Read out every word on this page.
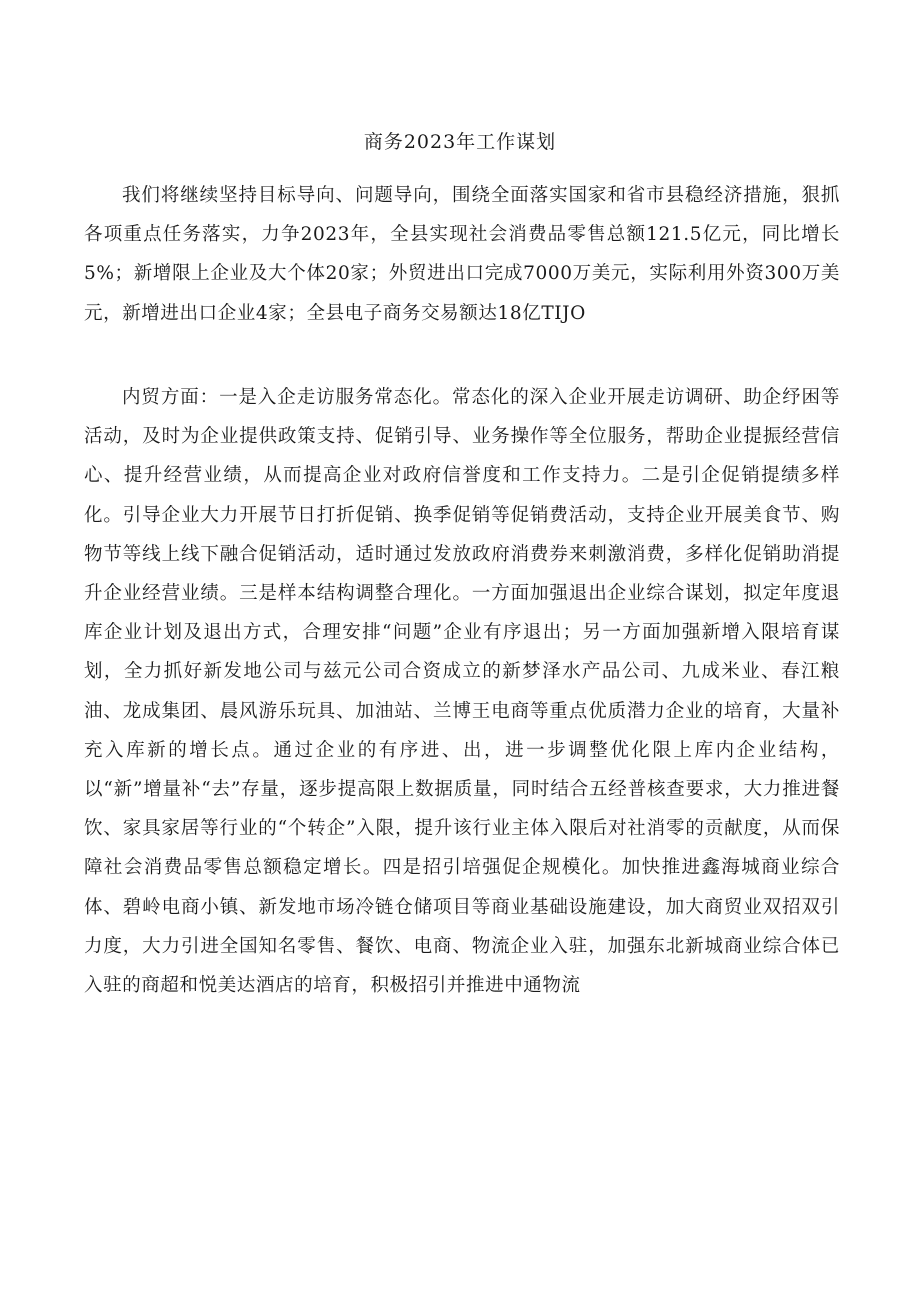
商务2023年工作谋划

我们将继续坚持目标导向、问题导向，围绕全面落实国家和省市县稳经济措施，狠抓各项重点任务落实，力争2023年，全县实现社会消费品零售总额121.5亿元，同比增长5%；新增限上企业及大个体20家；外贸进出口完成7000万美元，实际利用外资300万美元，新增进出口企业4家；全县电子商务交易额达18亿TIJO

内贸方面：一是入企走访服务常态化。常态化的深入企业开展走访调研、助企纾困等活动，及时为企业提供政策支持、促销引导、业务操作等全位服务，帮助企业提振经营信心、提升经营业绩，从而提高企业对政府信誉度和工作支持力。二是引企促销提绩多样化。引导企业大力开展节日打折促销、换季促销等促销费活动，支持企业开展美食节、购物节等线上线下融合促销活动，适时通过发放政府消费券来刺激消费，多样化促销助消提升企业经营业绩。三是样本结构调整合理化。一方面加强退出企业综合谋划，拟定年度退库企业计划及退出方式，合理安排“问题”企业有序退出；另一方面加强新增入限培育谋划，全力抓好新发地公司与兹元公司合资成立的新梦泽水产品公司、九成米业、春江粮油、龙成集团、晨风游乐玩具、加油站、兰博王电商等重点优质潜力企业的培育，大量补充入库新的增长点。通过企业的有序进、出，进一步调整优化限上库内企业结构，以“新”增量补“去”存量，逐步提高限上数据质量，同时结合五经普核查要求，大力推进餐饮、家具家居等行业的“个转企”入限，提升该行业主体入限后对社消零的贡献度，从而保障社会消费品零售总额稳定增长。四是招引培强促企规模化。加快推进鑫海城商业综合体、碧岭电商小镇、新发地市场冷链仓储项目等商业基础设施建设，加大商贸业双招双引力度，大力引进全国知名零售、餐饮、电商、物流企业入驻，加强东北新城商业综合体已入驻的商超和悦美达酒店的培育，积极招引并推进中通物流
